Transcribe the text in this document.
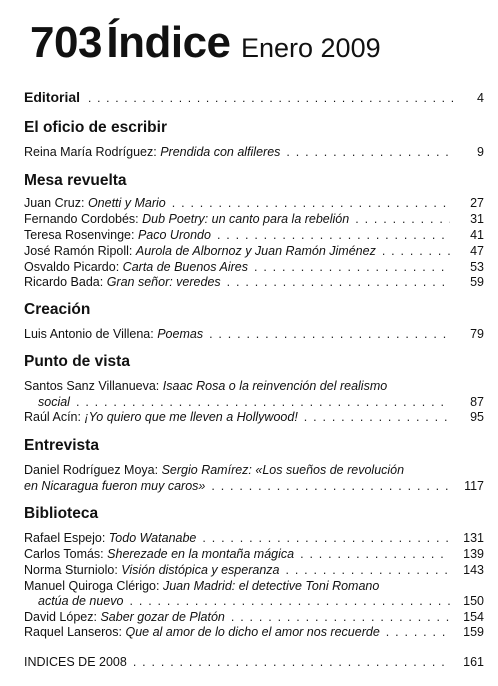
703 Índice Enero 2009
Editorial . . .	4
El oficio de escribir
Reina María Rodríguez: Prendida con alfileres . . .	9
Mesa revuelta
Juan Cruz: Onetti y Mario . . .	27
Fernando Cordobés: Dub Poetry: un canto para la rebelión . . .	31
Teresa Rosenvinge: Paco Urondo . . .	41
José Ramón Ripoll: Aurola de Albornoz y Juan Ramón Jiménez . . .	47
Osvaldo Picardo: Carta de Buenos Aires . . .	53
Ricardo Bada: Gran señor: veredes . . .	59
Creación
Luis Antonio de Villena: Poemas . . .	79
Punto de vista
Santos Sanz Villanueva: Isaac Rosa o la reinvención del realismo
social . . .	87
Raúl Acín: ¡Yo quiero que me lleven a Hollywood! . . .	95
Entrevista
Daniel Rodríguez Moya: Sergio Ramírez: «Los sueños de revolución
en Nicaragua fueron muy caros» . . .	117
Biblioteca
Rafael Espejo: Todo Watanabe . . .	131
Carlos Tomás: Sherezade en la montaña mágica . . .	139
Norma Sturniolo: Visión distópica y esperanza . . .	143
Manuel Quiroga Clérigo: Juan Madrid: el detective Toni Romano
actúa de nuevo . . .	150
David López: Saber gozar de Platón . . .	154
Raquel Lanseros: Que al amor de lo dicho el amor nos recuerde . . .	159
INDICES DE 2008 . . .	161
